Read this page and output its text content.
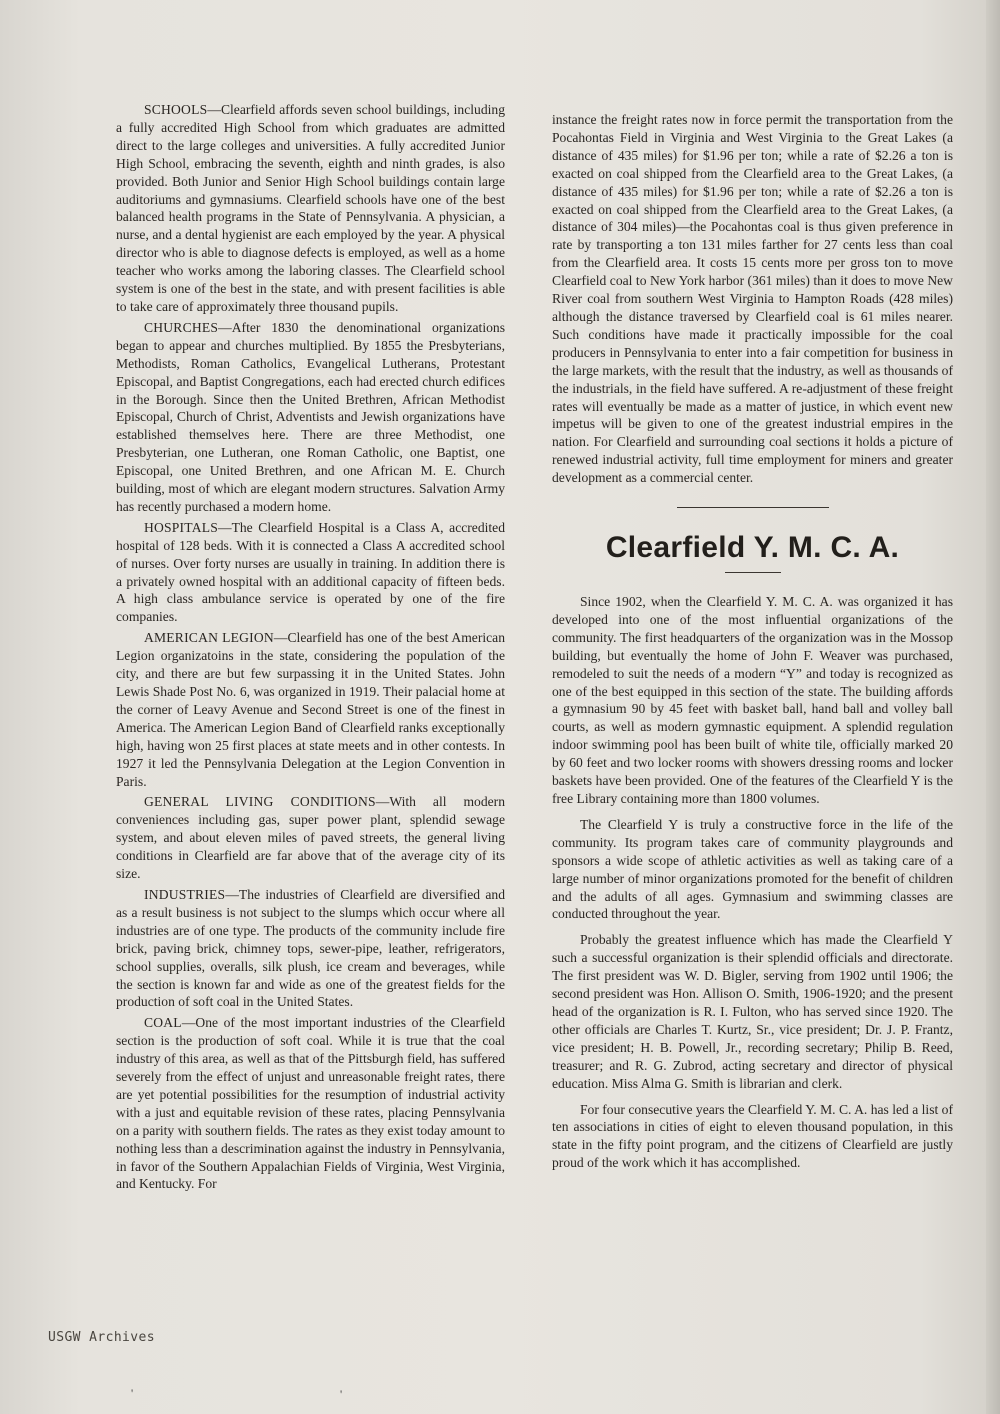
SCHOOLS—Clearfield affords seven school buildings, including a fully accredited High School from which graduates are admitted direct to the large colleges and universities. A fully accredited Junior High School, embracing the seventh, eighth and ninth grades, is also provided. Both Junior and Senior High School buildings contain large auditoriums and gymnasiums. Clearfield schools have one of the best balanced health programs in the State of Pennsylvania. A physician, a nurse, and a dental hygienist are each employed by the year. A physical director who is able to diagnose defects is employed, as well as a home teacher who works among the laboring classes. The Clearfield school system is one of the best in the state, and with present facilities is able to take care of approximately three thousand pupils.

CHURCHES—After 1830 the denominational organizations began to appear and churches multiplied. By 1855 the Presbyterians, Methodists, Roman Catholics, Evangelical Lutherans, Protestant Episcopal, and Baptist Congregations, each had erected church edifices in the Borough. Since then the United Brethren, African Methodist Episcopal, Church of Christ, Adventists and Jewish organizations have established themselves here. There are three Methodist, one Presbyterian, one Lutheran, one Roman Catholic, one Baptist, one Episcopal, one United Brethren, and one African M. E. Church building, most of which are elegant modern structures. Salvation Army has recently purchased a modern home.

HOSPITALS—The Clearfield Hospital is a Class A, accredited hospital of 128 beds. With it is connected a Class A accredited school of nurses. Over forty nurses are usually in training. In addition there is a privately owned hospital with an additional capacity of fifteen beds. A high class ambulance service is operated by one of the fire companies.

AMERICAN LEGION—Clearfield has one of the best American Legion organizatoins in the state, considering the population of the city, and there are but few surpassing it in the United States. John Lewis Shade Post No. 6, was organized in 1919. Their palacial home at the corner of Leavy Avenue and Second Street is one of the finest in America. The American Legion Band of Clearfield ranks exceptionally high, having won 25 first places at state meets and in other contests. In 1927 it led the Pennsylvania Delegation at the Legion Convention in Paris.

GENERAL LIVING CONDITIONS—With all modern conveniences including gas, super power plant, splendid sewage system, and about eleven miles of paved streets, the general living conditions in Clearfield are far above that of the average city of its size.

INDUSTRIES—The industries of Clearfield are diversified and as a result business is not subject to the slumps which occur where all industries are of one type. The products of the community include fire brick, paving brick, chimney tops, sewer-pipe, leather, refrigerators, school supplies, overalls, silk plush, ice cream and beverages, while the section is known far and wide as one of the greatest fields for the production of soft coal in the United States.

COAL—One of the most important industries of the Clearfield section is the production of soft coal. While it is true that the coal industry of this area, as well as that of the Pittsburgh field, has suffered severely from the effect of unjust and unreasonable freight rates, there are yet potential possibilities for the resumption of industrial activity with a just and equitable revision of these rates, placing Pennsylvania on a parity with southern fields. The rates as they exist today amount to nothing less than a descrimination against the industry in Pennsylvania, in favor of the Southern Appalachian Fields of Virginia, West Virginia, and Kentucky. For

instance the freight rates now in force permit the transportation from the Pocahontas Field in Virginia and West Virginia to the Great Lakes (a distance of 435 miles) for $1.96 per ton; while a rate of $2.26 a ton is exacted on coal shipped from the Clearfield area to the Great Lakes, (a distance of 435 miles) for $1.96 per ton; while a rate of $2.26 a ton is exacted on coal shipped from the Clearfield area to the Great Lakes, (a distance of 304 miles)—the Pocahontas coal is thus given preference in rate by transporting a ton 131 miles farther for 27 cents less than coal from the Clearfield area. It costs 15 cents more per gross ton to move Clearfield coal to New York harbor (361 miles) than it does to move New River coal from southern West Virginia to Hampton Roads (428 miles) although the distance traversed by Clearfield coal is 61 miles nearer. Such conditions have made it practically impossible for the coal producers in Pennsylvania to enter into a fair competition for business in the large markets, with the result that the industry, as well as thousands of the industrials, in the field have suffered. A re-adjustment of these freight rates will eventually be made as a matter of justice, in which event new impetus will be given to one of the greatest industrial empires in the nation. For Clearfield and surrounding coal sections it holds a picture of renewed industrial activity, full time employment for miners and greater development as a commercial center.

Clearfield Y. M. C. A.

Since 1902, when the Clearfield Y. M. C. A. was organized it has developed into one of the most influential organizations of the community. The first headquarters of the organization was in the Mossop building, but eventually the home of John F. Weaver was purchased, remodeled to suit the needs of a modern “Y” and today is recognized as one of the best equipped in this section of the state. The building affords a gymnasium 90 by 45 feet with basket ball, hand ball and volley ball courts, as well as modern gymnastic equipment. A splendid regulation indoor swimming pool has been built of white tile, officially marked 20 by 60 feet and two locker rooms with showers dressing rooms and locker baskets have been provided. One of the features of the Clearfield Y is the free Library containing more than 1800 volumes.

The Clearfield Y is truly a constructive force in the life of the community. Its program takes care of community playgrounds and sponsors a wide scope of athletic activities as well as taking care of a large number of minor organizations promoted for the benefit of children and the adults of all ages. Gymnasium and swimming classes are conducted throughout the year.

Probably the greatest influence which has made the Clearfield Y such a successful organization is their splendid officials and directorate. The first president was W. D. Bigler, serving from 1902 until 1906; the second president was Hon. Allison O. Smith, 1906-1920; and the present head of the organization is R. I. Fulton, who has served since 1920. The other officials are Charles T. Kurtz, Sr., vice president; Dr. J. P. Frantz, vice president; H. B. Powell, Jr., recording secretary; Philip B. Reed, treasurer; and R. G. Zubrod, acting secretary and director of physical education. Miss Alma G. Smith is librarian and clerk.

For four consecutive years the Clearfield Y. M. C. A. has led a list of ten associations in cities of eight to eleven thousand population, in this state in the fifty point program, and the citizens of Clearfield are justly proud of the work which it has accomplished.

USGW Archives
'	'
